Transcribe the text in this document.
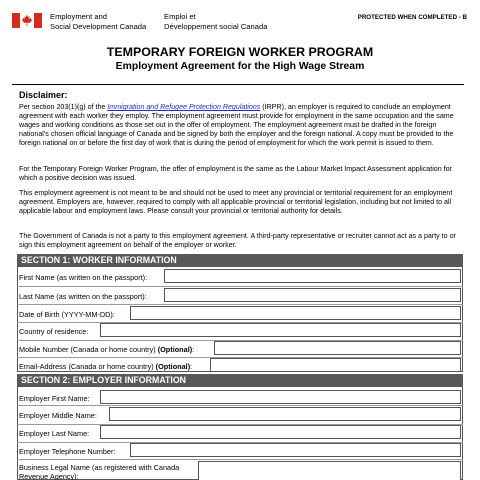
Employment and
Social Development Canada
Emploi et
Développement social Canada
PROTECTED WHEN COMPLETED - B
TEMPORARY FOREIGN WORKER PROGRAM
Employment Agreement for the High Wage Stream
Disclaimer:
Per section 203(1)(g) of the Immigration and Refugee Protection Regulations (IRPR), an employer is required to conclude an employment agreement with each worker they employ. The employment agreement must provide for employment in the same occupation and the same wages and working conditions as those set out in the offer of employment. The employment agreement must be drafted in the foreign national’s chosen official language of Canada and be signed by both the employer and the foreign national. A copy must be provided to the foreign national on or before the first day of work that is during the period of employment for which the work permit is issued to them.
For the Temporary Foreign Worker Program, the offer of employment is the same as the Labour Market Impact Assessment application for which a positive decision was issued.
This employment agreement is not meant to be and should not be used to meet any provincial or territorial requirement for an employment agreement. Employers are, however, required to comply with all applicable provincial or territorial legislation, including but not limited to all applicable labour and employment laws. Please consult your provincial or territorial authority for details.
The Government of Canada is not a party to this employment agreement. A third-party representative or recruiter cannot act as a party to or sign this employment agreement on behalf of the employer or worker.
SECTION 1: WORKER INFORMATION
First Name (as written on the passport):
Last Name (as written on the passport):
Date of Birth (YYYY-MM-DD):
Country of residence:
Mobile Number (Canada or home country) (Optional):
Email-Address (Canada or home country) (Optional):
SECTION 2: EMPLOYER INFORMATION
Employer First Name:
Employer Middle Name:
Employer Last Name:
Employer Telephone Number:
Business Legal Name (as registered with Canada
Revenue Agency):
